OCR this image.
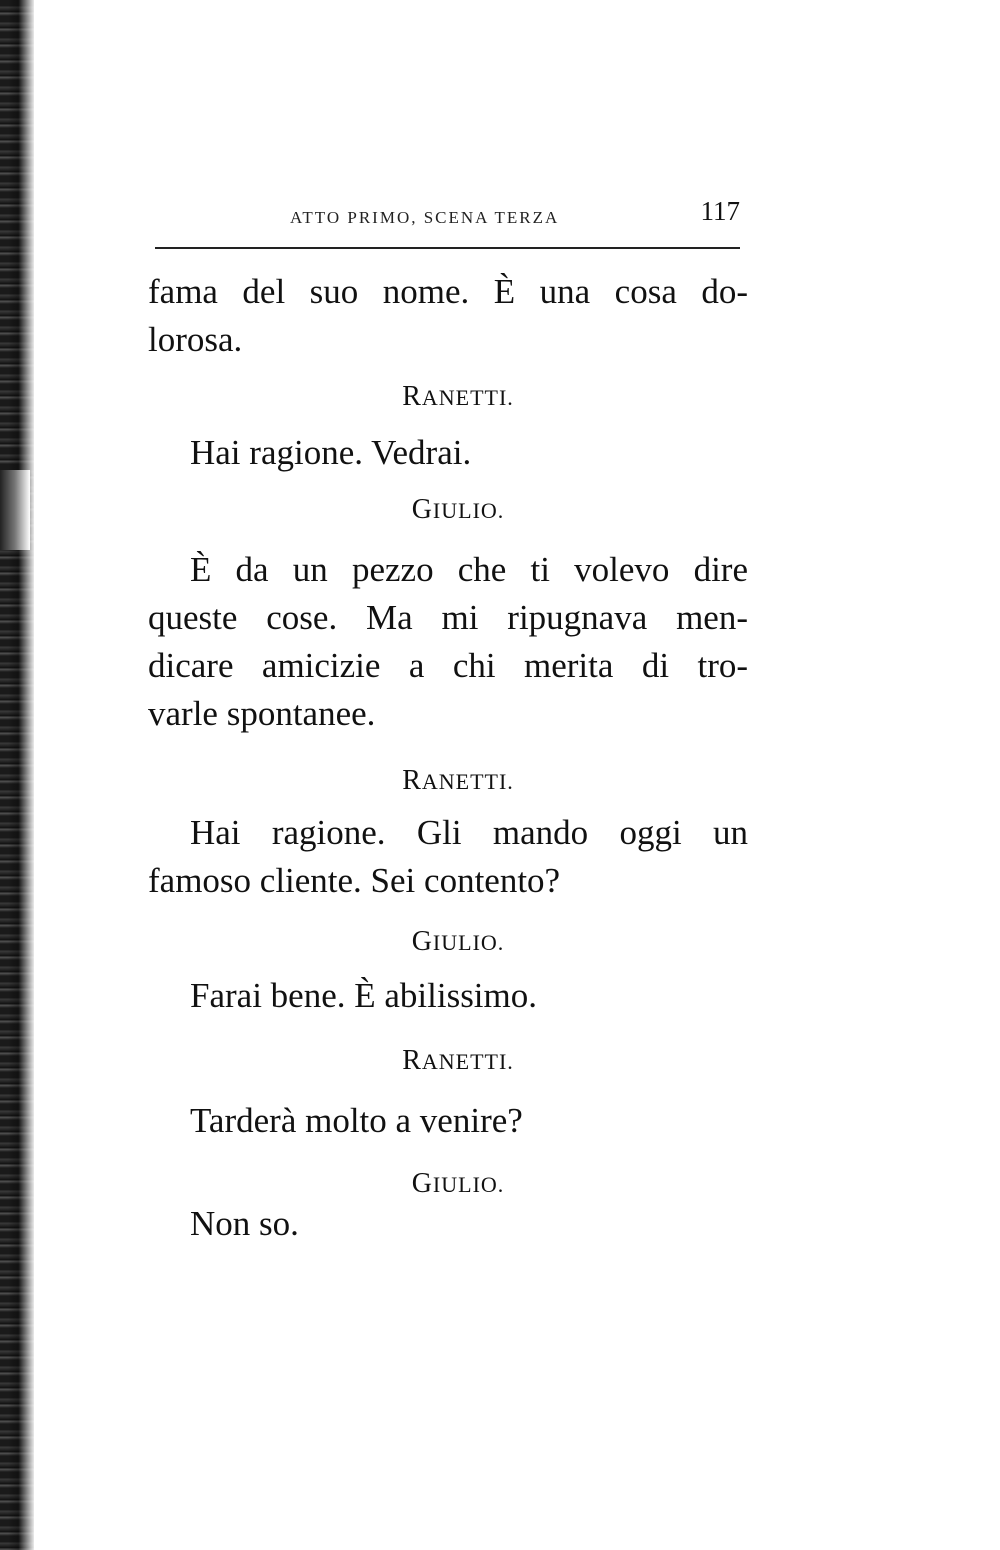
ATTO PRIMO, SCENA TERZA	117

fama del suo nome. È una cosa do-

lorosa.

RANETTI.

Hai ragione. Vedrai.

GIULIO.

È da un pezzo che ti volevo dire

queste cose. Ma mi ripugnava men-

dicare amicizie a chi merita di tro-

varle spontanee.

RANETTI.

Hai ragione. Gli mando oggi un

famoso cliente. Sei contento?

GIULIO.

Farai bene. È abilissimo.

RANETTI.

Tarderà molto a venire?

GIULIO.

Non so.
